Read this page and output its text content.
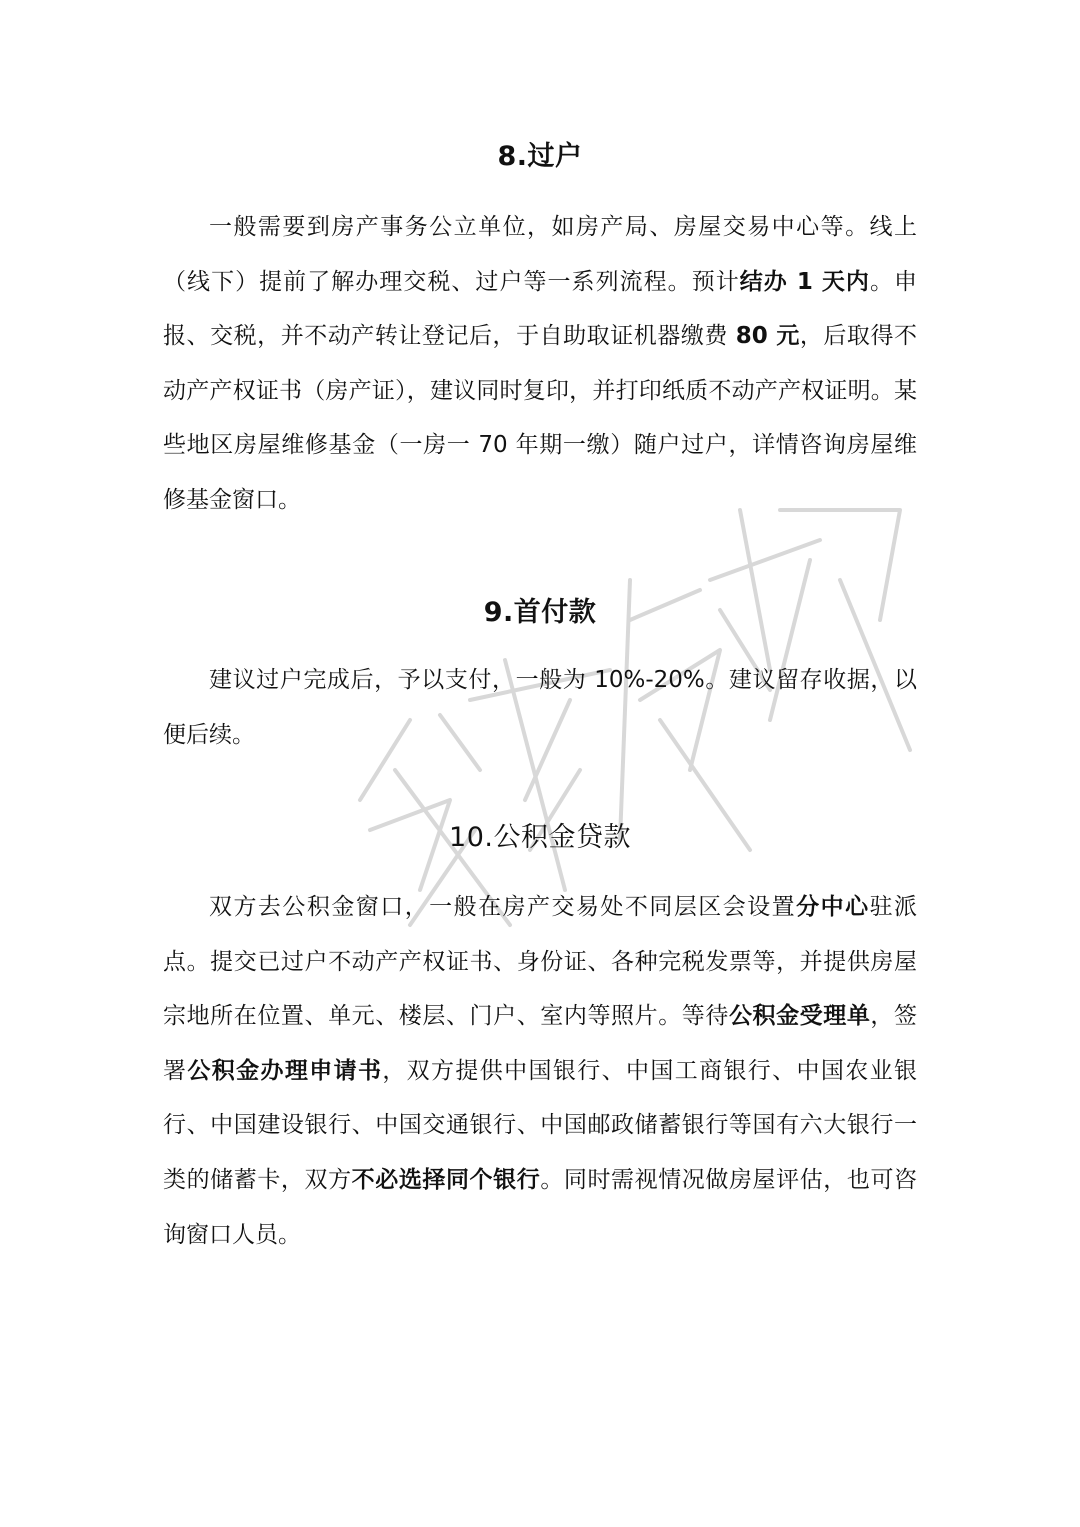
8.过户

一般需要到房产事务公立单位，如房产局、房屋交易中心等。线上（线下）提前了解办理交税、过户等一系列流程。预计结办 1 天内。申报、交税，并不动产转让登记后，于自助取证机器缴费 80 元，后取得不动产产权证书（房产证），建议同时复印，并打印纸质不动产产权证明。某些地区房屋维修基金（一房一 70 年期一缴）随户过户，详情咨询房屋维修基金窗口。

9.首付款

建议过户完成后，予以支付，一般为 10%-20%。建议留存收据，以便后续。

10.公积金贷款

双方去公积金窗口，一般在房产交易处不同层区会设置分中心驻派点。提交已过户不动产产权证书、身份证、各种完税发票等，并提供房屋宗地所在位置、单元、楼层、门户、室内等照片。等待公积金受理单，签署公积金办理申请书，双方提供中国银行、中国工商银行、中国农业银行、中国建设银行、中国交通银行、中国邮政储蓄银行等国有六大银行一类的储蓄卡，双方不必选择同个银行。同时需视情况做房屋评估，也可咨询窗口人员。
